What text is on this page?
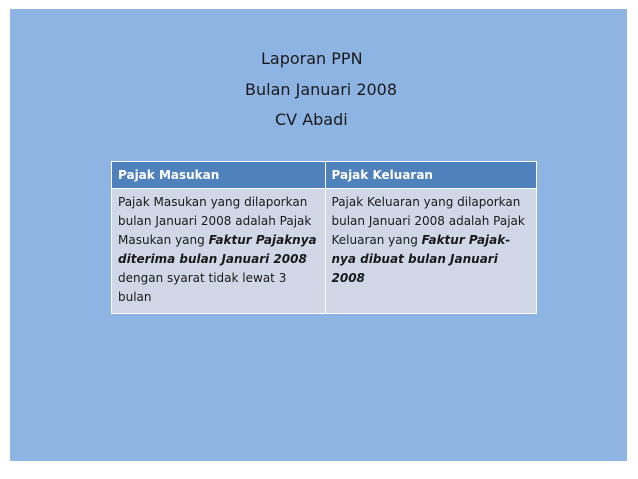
Laporan PPN
Bulan Januari 2008
CV Abadi
Pajak Masukan	Pajak Keluaran
Pajak Masukan yang dilaporkan bulan Januari 2008 adalah Pajak Masukan yang Faktur Pajaknya diterima bulan Januari 2008 dengan syarat tidak lewat 3 bulan	Pajak Keluaran yang dilaporkan bulan Januari 2008 adalah Pajak Keluaran yang Faktur Pajak-nya dibuat bulan Januari 2008
